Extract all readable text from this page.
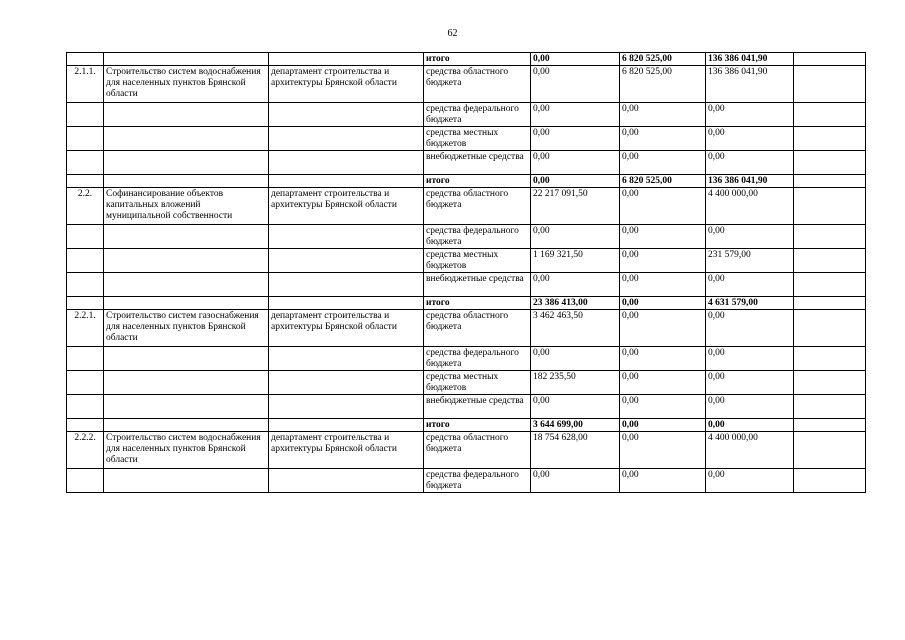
62
			итого	0,00	6 820 525,00	136 386 041,90	
2.1.1.	Строительство систем водоснабжения для населенных пунктов Брянской области	департамент строительства и архитектуры Брянской области	средства областного бюджета	0,00	6 820 525,00	136 386 041,90	
			средства федерального бюджета	0,00	0,00	0,00	
			средства местных бюджетов	0,00	0,00	0,00	
			внебюджетные средства	0,00	0,00	0,00	
			итого	0,00	6 820 525,00	136 386 041,90	
2.2.	Софинансирование объектов капитальных вложений муниципальной собственности	департамент строительства и архитектуры Брянской области	средства областного бюджета	22 217 091,50	0,00	4 400 000,00	
			средства федерального бюджета	0,00	0,00	0,00	
			средства местных бюджетов	1 169 321,50	0,00	231 579,00	
			внебюджетные средства	0,00	0,00	0,00	
			итого	23 386 413,00	0,00	4 631 579,00	
2.2.1.	Строительство систем газоснабжения для населенных пунктов Брянской области	департамент строительства и архитектуры Брянской области	средства областного бюджета	3 462 463,50	0,00	0,00	
			средства федерального бюджета	0,00	0,00	0,00	
			средства местных бюджетов	182 235,50	0,00	0,00	
			внебюджетные средства	0,00	0,00	0,00	
			итого	3 644 699,00	0,00	0,00	
2.2.2.	Строительство систем водоснабжения для населенных пунктов Брянской области	департамент строительства и архитектуры Брянской области	средства областного бюджета	18 754 628,00	0,00	4 400 000,00	
			средства федерального бюджета	0,00	0,00	0,00	
